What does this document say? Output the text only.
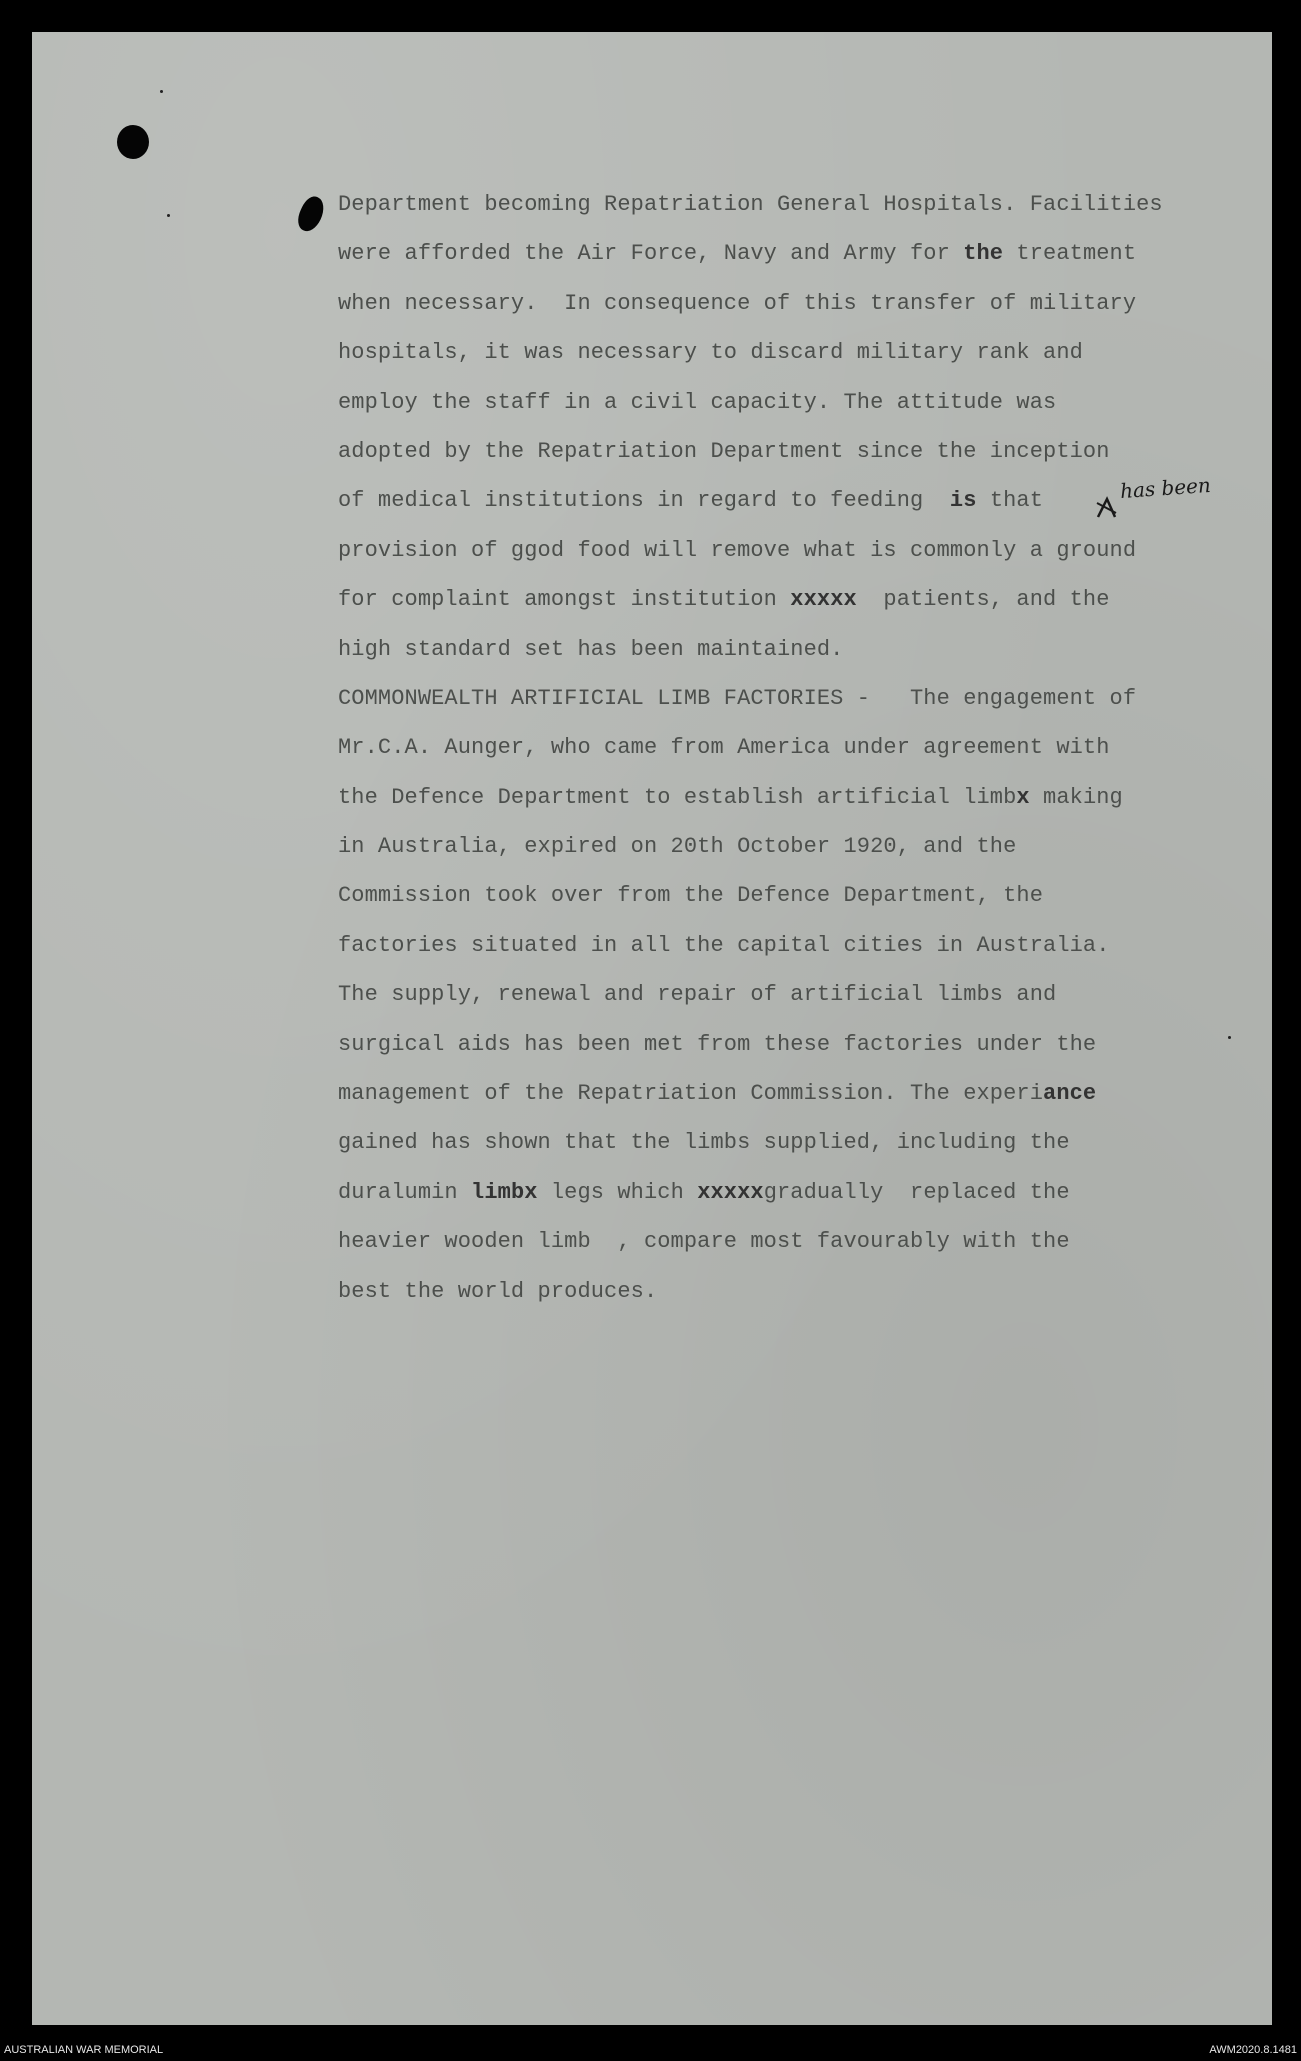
Department becoming Repatriation General Hospitals. Facilities
were afforded the Air Force, Navy and Army for the treatment
when necessary.  In consequence of this transfer of military
hospitals, it was necessary to discard military rank and
employ the staff in a civil capacity. The attitude was
adopted by the Repatriation Department since the inception
of medical institutions in regard to feeding  is that
provision of ggod food will remove what is commonly a ground
for complaint amongst institution xxxxx  patients, and the
high standard set has been maintained.
COMMONWEALTH ARTIFICIAL LIMB FACTORIES -   The engagement of
Mr.C.A. Aunger, who came from America under agreement with
the Defence Department to establish artificial limbx making
in Australia, expired on 20th October 1920, and the
Commission took over from the Defence Department, the
factories situated in all the capital cities in Australia.
The supply, renewal and repair of artificial limbs and
surgical aids has been met from these factories under the
management of the Repatriation Commission. The experiance
gained has shown that the limbs supplied, including the
duralumin limbx legs which xxxxxgradually  replaced the
heavier wooden limb  , compare most favourably with the
best the world produces.
has been
AUSTRALIAN WAR MEMORIAL	AWM2020.8.1481
